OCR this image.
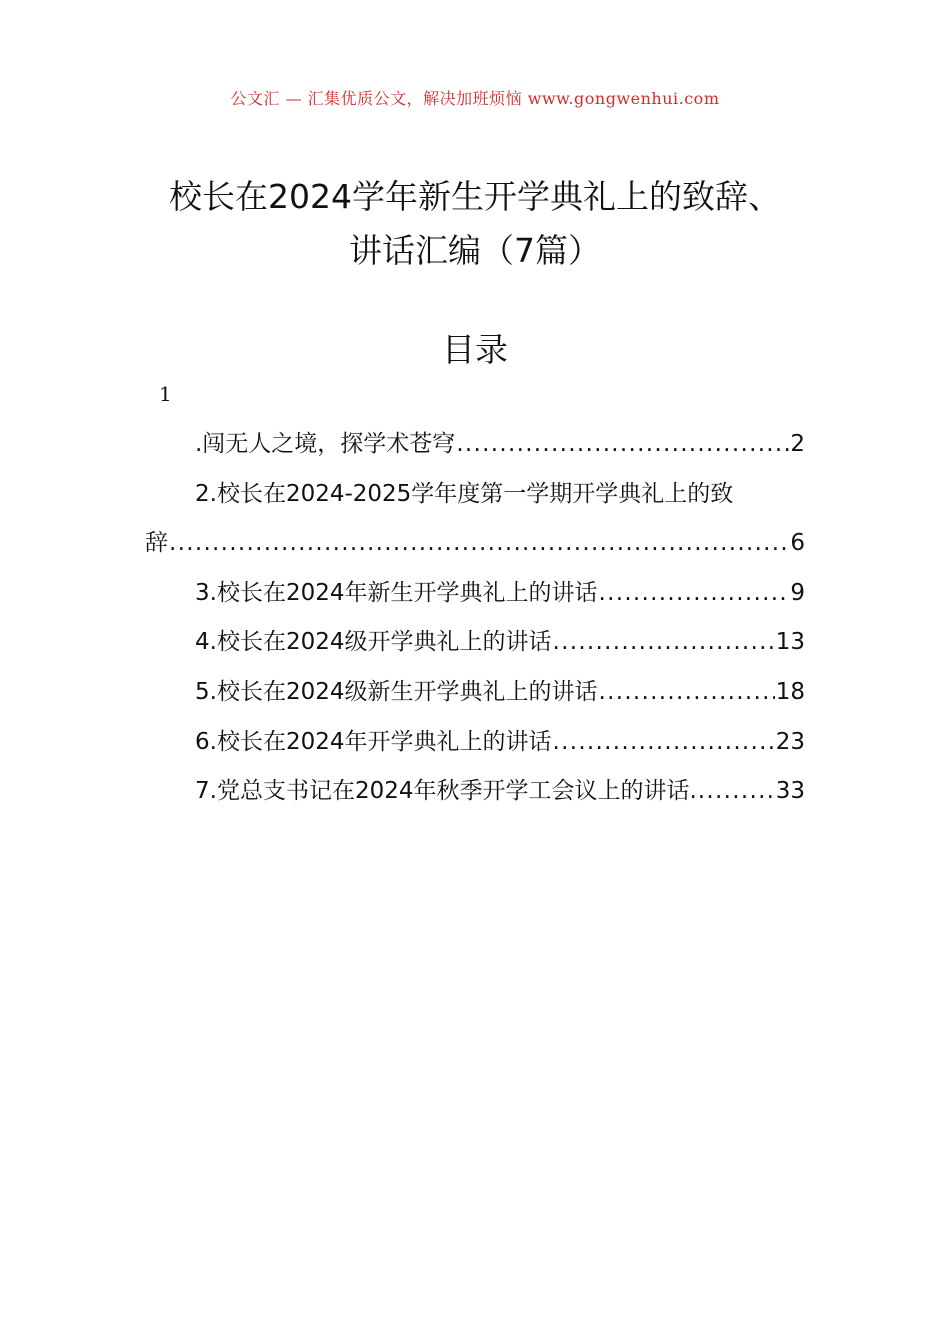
公文汇 — 汇集优质公文，解决加班烦恼 www.gongwenhui.com
校长在2024学年新生开学典礼上的致辞、
讲话汇编（7篇）
目录
1
.闯无人之境，探学术苍穹 .....	2
2.校长在2024-2025学年度第一学期开学典礼上的致
辞 .....	6
3.校长在2024年新生开学典礼上的讲话 .....	9
4.校长在2024级开学典礼上的讲话 .....	13
5.校长在2024级新生开学典礼上的讲话 .....	18
6.校长在2024年开学典礼上的讲话 .....	23
7.党总支书记在2024年秋季开学工会议上的讲话. .....	33
